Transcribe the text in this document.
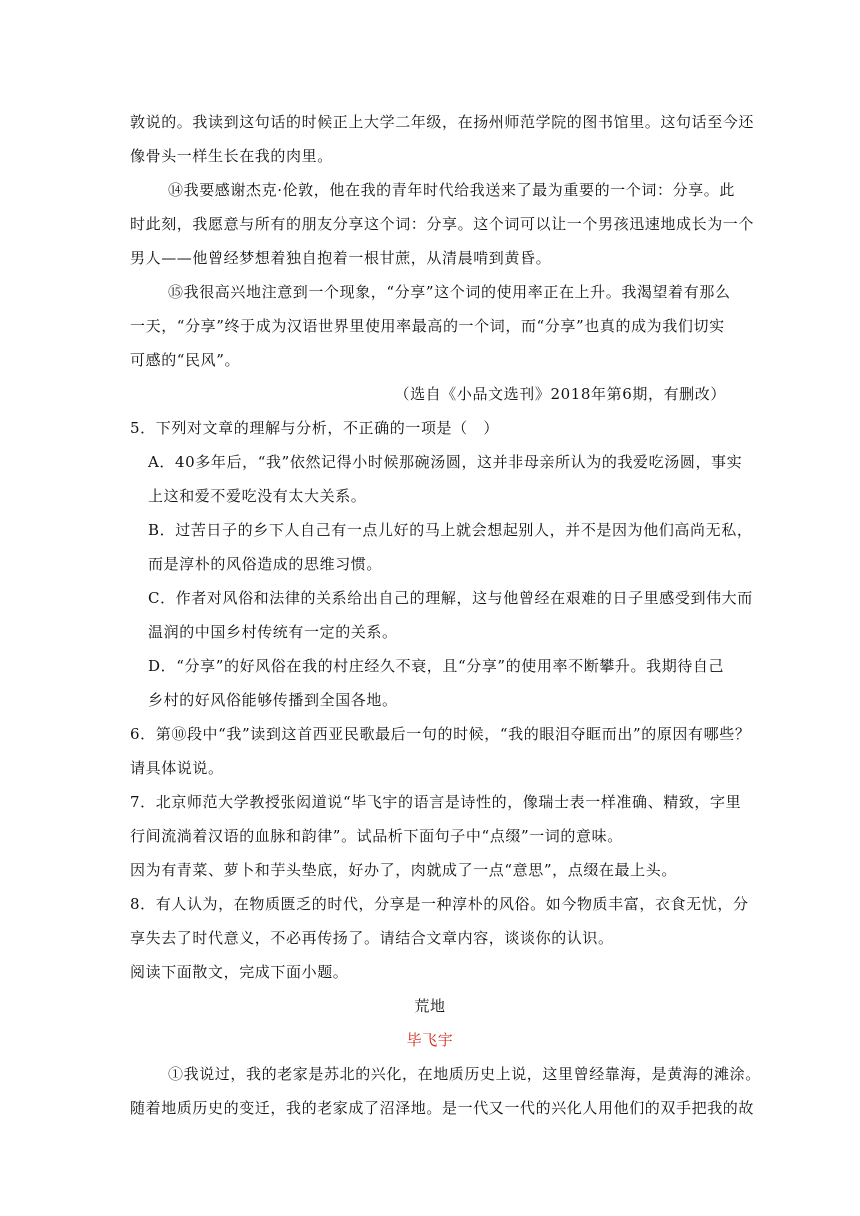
敦说的。我读到这句话的时候正上大学二年级，在扬州师范学院的图书馆里。这句话至今还
像骨头一样生长在我的肉里。
⑭我要感谢杰克·伦敦，他在我的青年时代给我送来了最为重要的一个词：分享。此
时此刻，我愿意与所有的朋友分享这个词：分享。这个词可以让一个男孩迅速地成长为一个
男人——他曾经梦想着独自抱着一根甘蔗，从清晨啃到黄昏。
⑮我很高兴地注意到一个现象，“分享”这个词的使用率正在上升。我渴望着有那么
一天，“分享”终于成为汉语世界里使用率最高的一个词，而“分享”也真的成为我们切实
可感的“民风”。
（选自《小品文选刊》2018年第6期，有删改）
5．下列对文章的理解与分析，不正确的一项是（　）
A．40多年后，“我”依然记得小时候那碗汤圆，这并非母亲所认为的我爱吃汤圆，事实
上这和爱不爱吃没有太大关系。
B．过苦日子的乡下人自己有一点儿好的马上就会想起别人，并不是因为他们高尚无私，
而是淳朴的风俗造成的思维习惯。
C．作者对风俗和法律的关系给出自己的理解，这与他曾经在艰难的日子里感受到伟大而
温润的中国乡村传统有一定的关系。
D．“分享”的好风俗在我的村庄经久不衰，且“分享”的使用率不断攀升。我期待自己
乡村的好风俗能够传播到全国各地。
6．第⑩段中“我”读到这首西亚民歌最后一句的时候，“我的眼泪夺眶而出”的原因有哪些？
请具体说说。
7．北京师范大学教授张闳道说“毕飞宇的语言是诗性的，像瑞士表一样准确、精致，字里
行间流淌着汉语的血脉和韵律”。试品析下面句子中“点缀”一词的意味。
因为有青菜、萝卜和芋头垫底，好办了，肉就成了一点“意思”，点缀在最上头。
8．有人认为，在物质匮乏的时代，分享是一种淳朴的风俗。如今物质丰富，衣食无忧，分
享失去了时代意义，不必再传扬了。请结合文章内容，谈谈你的认识。
阅读下面散文，完成下面小题。
荒地
毕飞宇
①我说过，我的老家是苏北的兴化，在地质历史上说，这里曾经靠海，是黄海的滩涂。
随着地质历史的变迁，我的老家成了沼泽地。是一代又一代的兴化人用他们的双手把我的故
